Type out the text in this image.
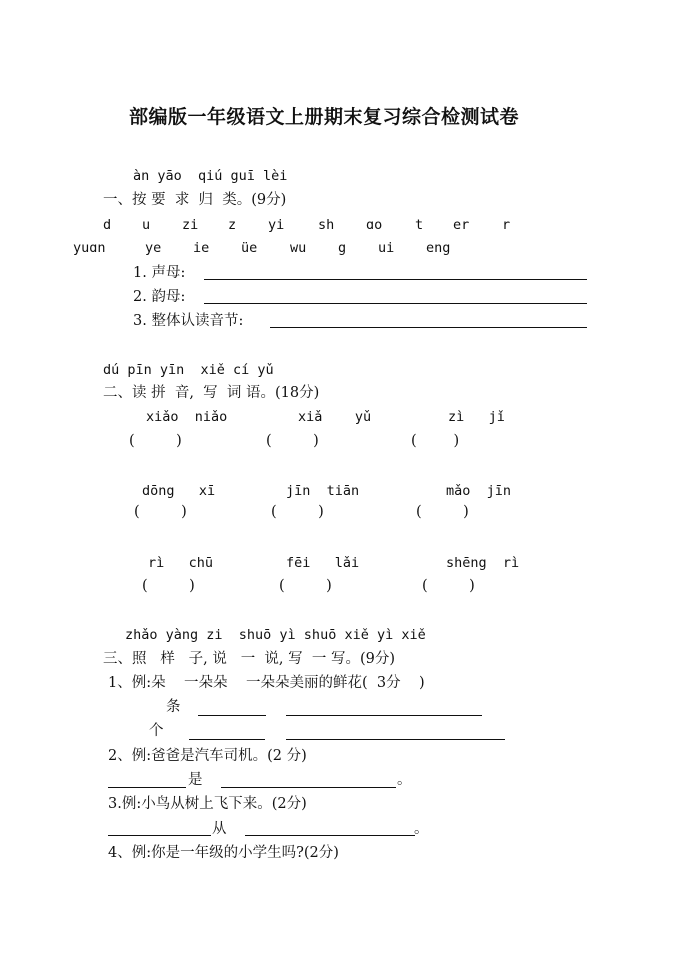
部编版一年级语文上册期末复习综合检测试卷
àn yāo  qiú guī lèi
一、按 要  求  归  类。(9分)
d u zi z yi sh ɑo t er r
yuɑn	ye ie üe wu g ui eng
1. 声母:
2. 韵母:
3. 整体认读音节:
dú pīn yīn  xiě cí yǔ
二、读 拼  音,  写  词 语。(18分)
xiǎo  niǎo	xiǎ    yǔ	zì   jǐ
(         )	(         )	(        )
dōng   xī	jīn  tiān	mǎo  jīn
(         )	(         )	(         )
rì   chū	fēi   lǎi	shēng  rì
(         )	(         )	(         )
zhǎo yàng zi  shuō yì shuō xiě yì xiě
三、照   样   子, 说   一  说, 写  一 写。(9分)
1、例:朵    一朵朵    一朵朵美丽的鲜花(  3分    )
条
个
2、例:爸爸是汽车司机。(2 分)
是	。
3.例:小鸟从树上飞下来。(2分)
从	。
4、例:你是一年级的小学生吗?(2分)
